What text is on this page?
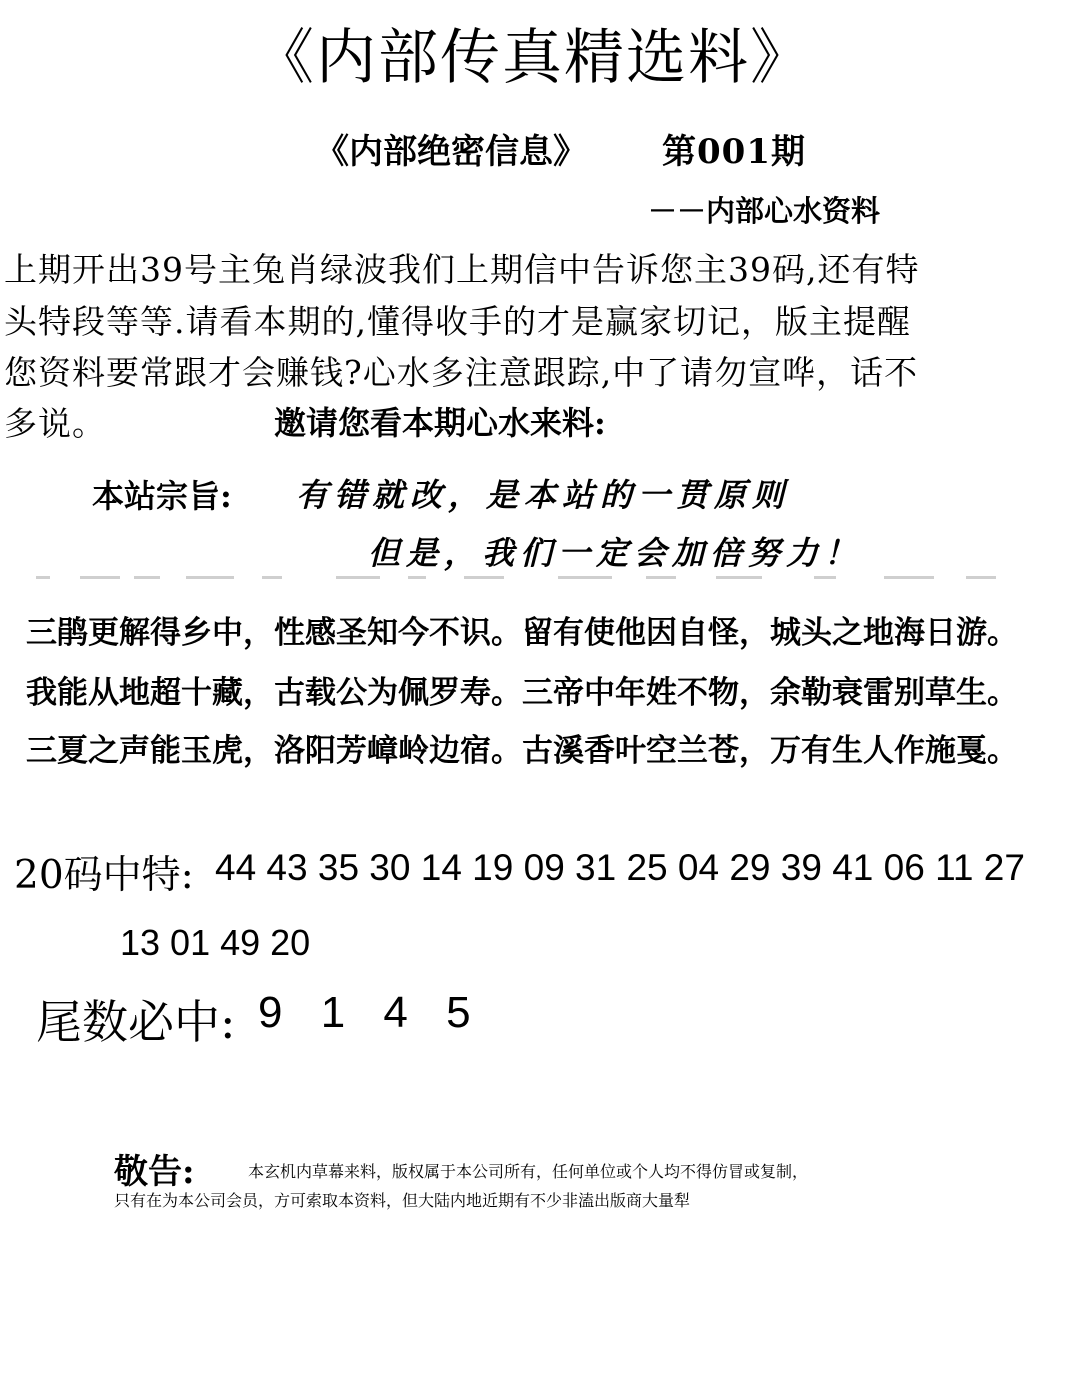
《内部传真精选料》
《内部绝密信息》 第001期
－－内部心水资料
上期开出39号主兔肖绿波我们上期信中告诉您主39码,还有特
头特段等等.请看本期的,懂得收手的才是赢家切记，版主提醒
您资料要常跟才会赚钱?心水多注意跟踪,中了请勿宣哗，话不
多说。	邀请您看本期心水来料:
本站宗旨: 有错就改，是本站的一贯原则
但是，我们一定会加倍努力！
三鹃更解得乡中，性感圣知今不识。留有使他因自怪，城头之地海日游。
我能从地超十藏，古载公为佩罗寿。三帝中年姓不物，余勒衰雷别草生。
三夏之声能玉虎，洛阳芳嶂岭边宿。古溪香叶空兰苍，万有生人作施戛。
20码中特: 44 43 35 30 14 19 09 31 25 04 29 39 41 06 11 27
13 01 49 20
尾数必中: 9 1 4 5
敬告:	本玄机内草幕来料，版权属于本公司所有，任何单位或个人均不得仿冒或复制，
只有在为本公司会员，方可索取本资料，但大陆内地近期有不少非溘出版商大量犁
